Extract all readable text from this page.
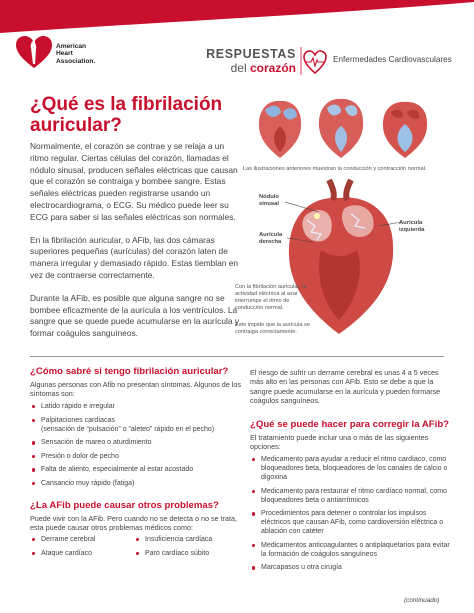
American
Heart
Association.
RESPUESTAS
del corazón
Enfermedades Cardiovasculares
¿Qué es la fibrilación auricular?

Normalmente, el corazón se contrae y se relaja a un ritmo regular. Ciertas células del corazón, llamadas el nódulo sinusal, producen señales eléctricas que causan que el corazón se contraiga y bombee sangre. Estas señales eléctricas pueden registrarse usando un electrocardiograma, o ECG. Su médico puede leer su ECG para saber si las señales eléctricas son normales.

En la fibrilación auricular, o AFib, las dos cámaras superiores pequeñas (aurículas) del corazón laten de manera irregular y demasiado rápido. Estas tiemblan en vez de contraerse correctamente.

Durante la AFib, es posible que alguna sangre no se bombee eficazmente de la aurícula a los ventrículos. La sangre que se quede puede acumularse en la aurícula y formar coágulos sanguíneos.

Las ilustraciones anteriores muestran la conducción y contracción normal.
Nódulo sinusal
Aurícula izquierda
Aurícula derecha
Con la fibrilación auricular, la actividad eléctrica al azar interrumpe el ritmo de conducción normal.
Esto impide que la aurícula se contraiga correctamente.
¿Cómo sabré si tengo fibrilación auricular?
Algunas personas con Afib no presentan síntomas. Algunos de los síntomas son:
Latido rápido e irregular
Palpitaciones cardíacas
(sensación de “pulsación” o “aleteo” rápido en el pecho)
Sensación de mareo o aturdimiento
Presión o dolor de pecho
Falta de aliento, especialmente al estar acostado
Cansancio muy rápido (fatiga)
¿La AFib puede causar otros problemas?
Puede vivir con la AFib. Pero cuando no se detecta o no se trata, esta puede causar otros problemas médicos como:
Derrame cerebral
Ataque cardíaco
Insuficiencia cardíaca
Paro cardíaco súbito
El riesgo de sufrir un derrame cerebral es unas 4 a 5 veces más alto en las personas con AFib. Esto se debe a que la sangre puede acumularse en la aurícula y pueden formarse coágulos sanguíneos.
¿Qué se puede hacer para corregir la AFib?
El tratamiento puede incluir una o más de las siguientes opciones:
Medicamento para ayudar a reducir el ritmo cardíaco, como bloqueadores beta, bloqueadores de los canales de calcio o digoxina
Medicamento para restaurar el ritmo cardíaco normal, como bloqueadores beta o antiarrítmicos
Procedimientos para detener o controlar los impulsos eléctricos que causan AFib, como cardioversión eléctrica o ablación con catéter
Medicamentos anticoagulantes o antiplaquetarios para evitar la formación de coágulos sanguíneos
Marcapasos u otra cirugía
(continuado)
